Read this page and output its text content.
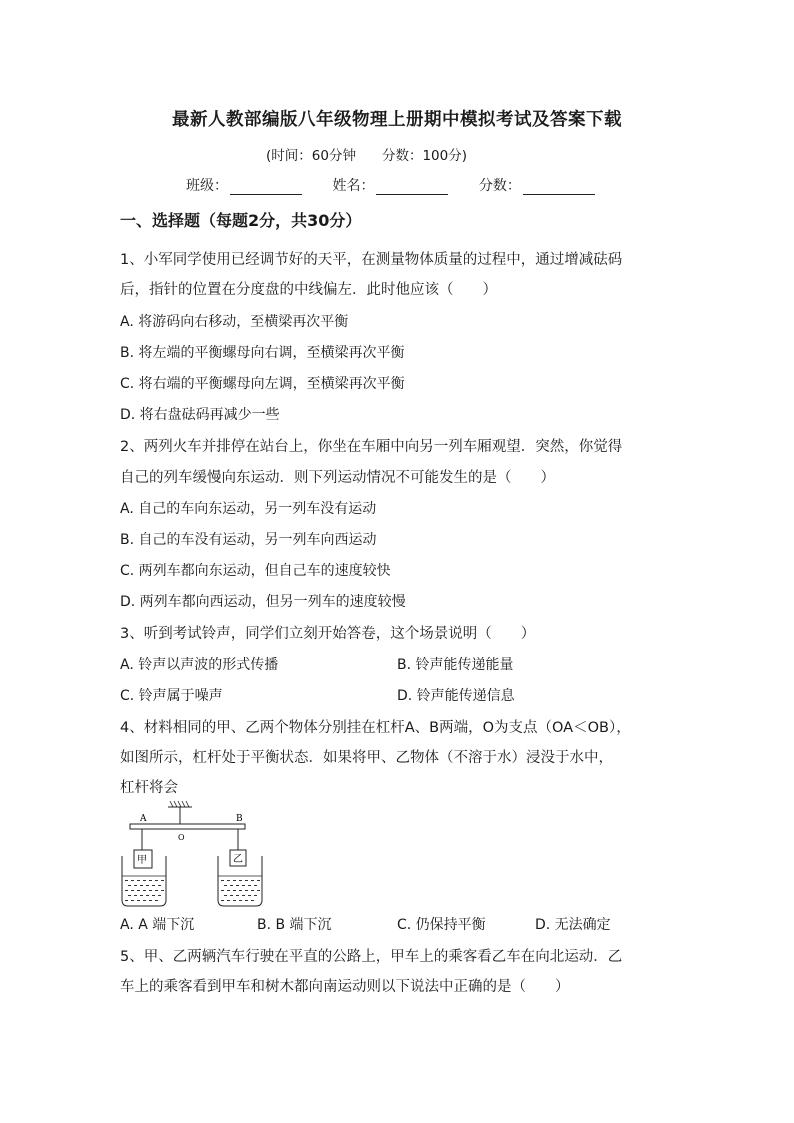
最新人教部编版八年级物理上册期中模拟考试及答案下载
(时间：60分钟 分数：100分)
班级：	姓名：	分数：
一、选择题（每题2分，共30分）
1、小军同学使用已经调节好的天平，在测量物体质量的过程中，通过增减砝码
后，指针的位置在分度盘的中线偏左．此时他应该（　　）
A. 将游码向右移动，至横梁再次平衡
B. 将左端的平衡螺母向右调，至横梁再次平衡
C. 将右端的平衡螺母向左调，至横梁再次平衡
D. 将右盘砝码再减少一些
2、两列火车并排停在站台上，你坐在车厢中向另一列车厢观望．突然，你觉得
自己的列车缓慢向东运动．则下列运动情况不可能发生的是（　　）
A. 自己的车向东运动，另一列车没有运动
B. 自己的车没有运动，另一列车向西运动
C. 两列车都向东运动，但自己车的速度较快
D. 两列车都向西运动，但另一列车的速度较慢
3、听到考试铃声，同学们立刻开始答卷，这个场景说明（　　）
A. 铃声以声波的形式传播	B. 铃声能传递能量
C. 铃声属于噪声	D. 铃声能传递信息
4、材料相同的甲、乙两个物体分别挂在杠杆A、B两端，O为支点（OA＜OB），
如图所示，杠杆处于平衡状态．如果将甲、乙物体（不溶于水）浸没于水中，
杠杆将会
A
O
B
甲	乙
A. A 端下沉	B. B 端下沉	C. 仍保持平衡	D. 无法确定
5、甲、乙两辆汽车行驶在平直的公路上，甲车上的乘客看乙车在向北运动．乙
车上的乘客看到甲车和树木都向南运动则以下说法中正确的是（　　）
